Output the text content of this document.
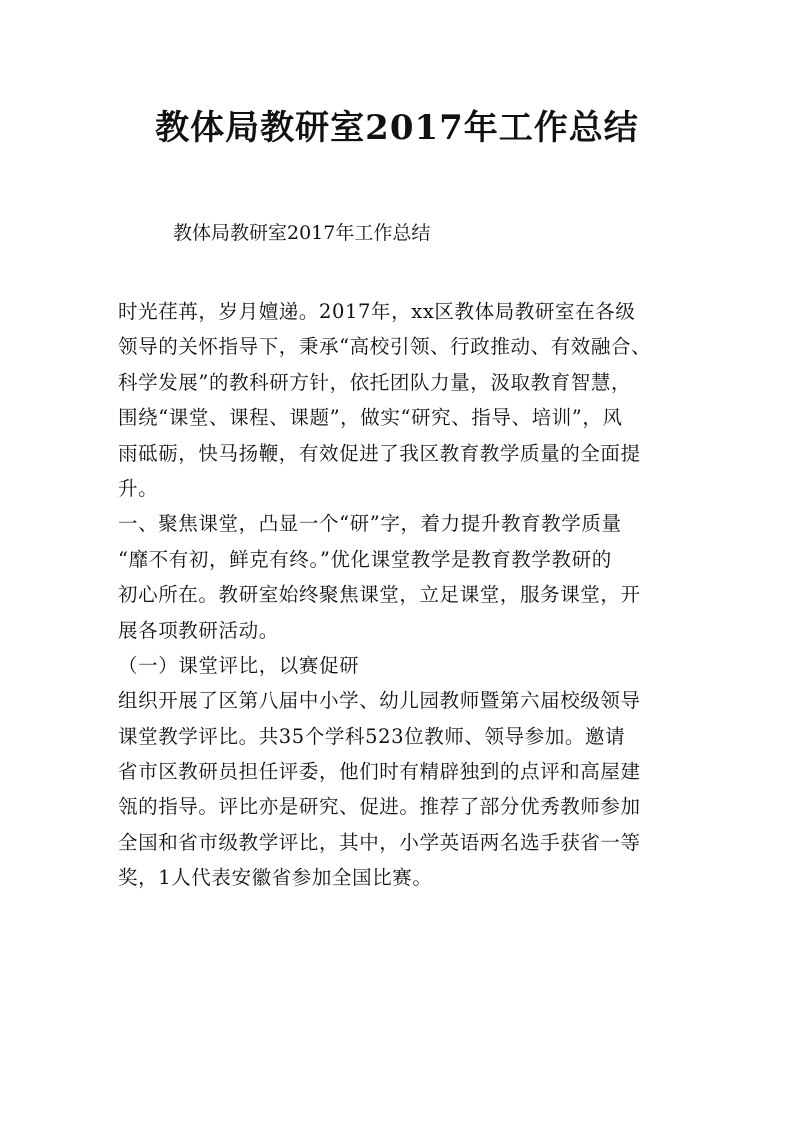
教体局教研室2017年工作总结

教体局教研室2017年工作总结

时光荏苒，岁月嬗递。2017年，xx区教体局教研室在各级
领导的关怀指导下，秉承“高校引领、行政推动、有效融合、
科学发展”的教科研方针，依托团队力量，汲取教育智慧，
围绕“课堂、课程、课题”，做实“研究、指导、培训”，风
雨砥砺，快马扬鞭，有效促进了我区教育教学质量的全面提
升。
一、聚焦课堂，凸显一个“研”字，着力提升教育教学质量
“靡不有初，鲜克有终。”优化课堂教学是教育教学教研的
初心所在。教研室始终聚焦课堂，立足课堂，服务课堂，开
展各项教研活动。
（一）课堂评比，以赛促研
组织开展了区第八届中小学、幼儿园教师暨第六届校级领导
课堂教学评比。共35个学科523位教师、领导参加。邀请
省市区教研员担任评委，他们时有精辟独到的点评和高屋建
瓴的指导。评比亦是研究、促进。推荐了部分优秀教师参加
全国和省市级教学评比，其中，小学英语两名选手获省一等
奖，1人代表安徽省参加全国比赛。
